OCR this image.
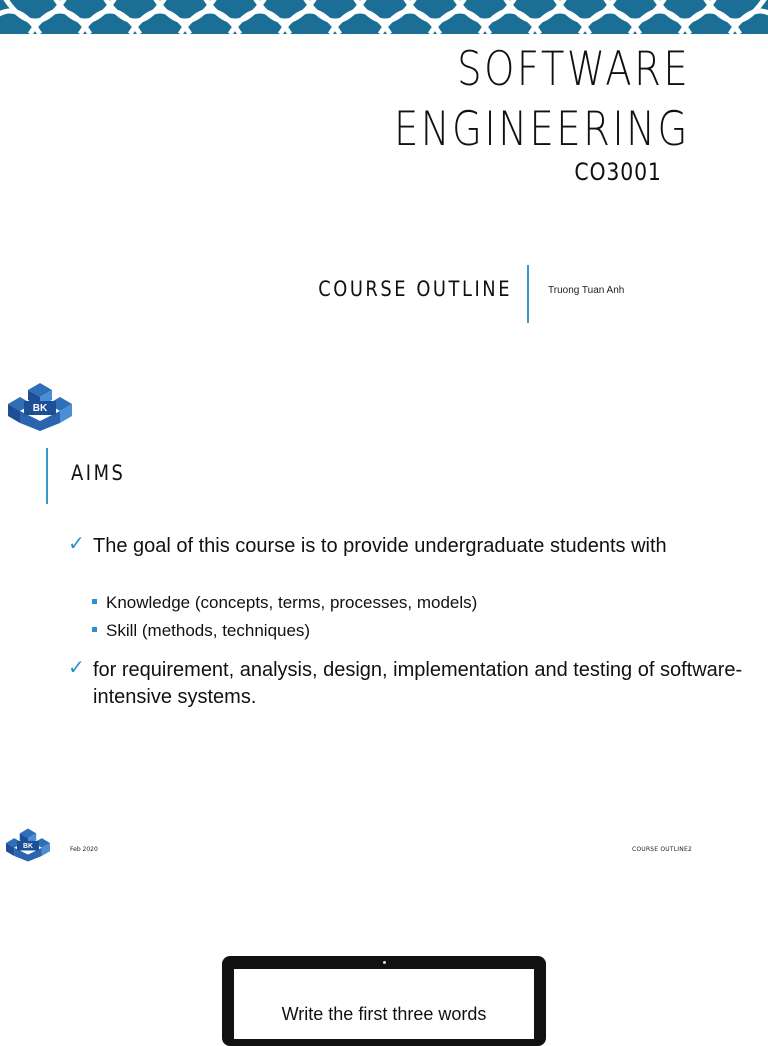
SOFTWARE
ENGINEERING
CO3001
COURSE OUTLINE	Truong Tuan Anh
BK
TP.HCM
AIMS
✓ The goal of this course is to provide undergraduate students with
Knowledge (concepts, terms, processes, models)
Skill (methods, techniques)
✓ for requirement, analysis, design, implementation and testing of software-intensive systems.
BK
TP.HCM	Feb 2020	COURSE OUTLINE 2
Write the first three words
